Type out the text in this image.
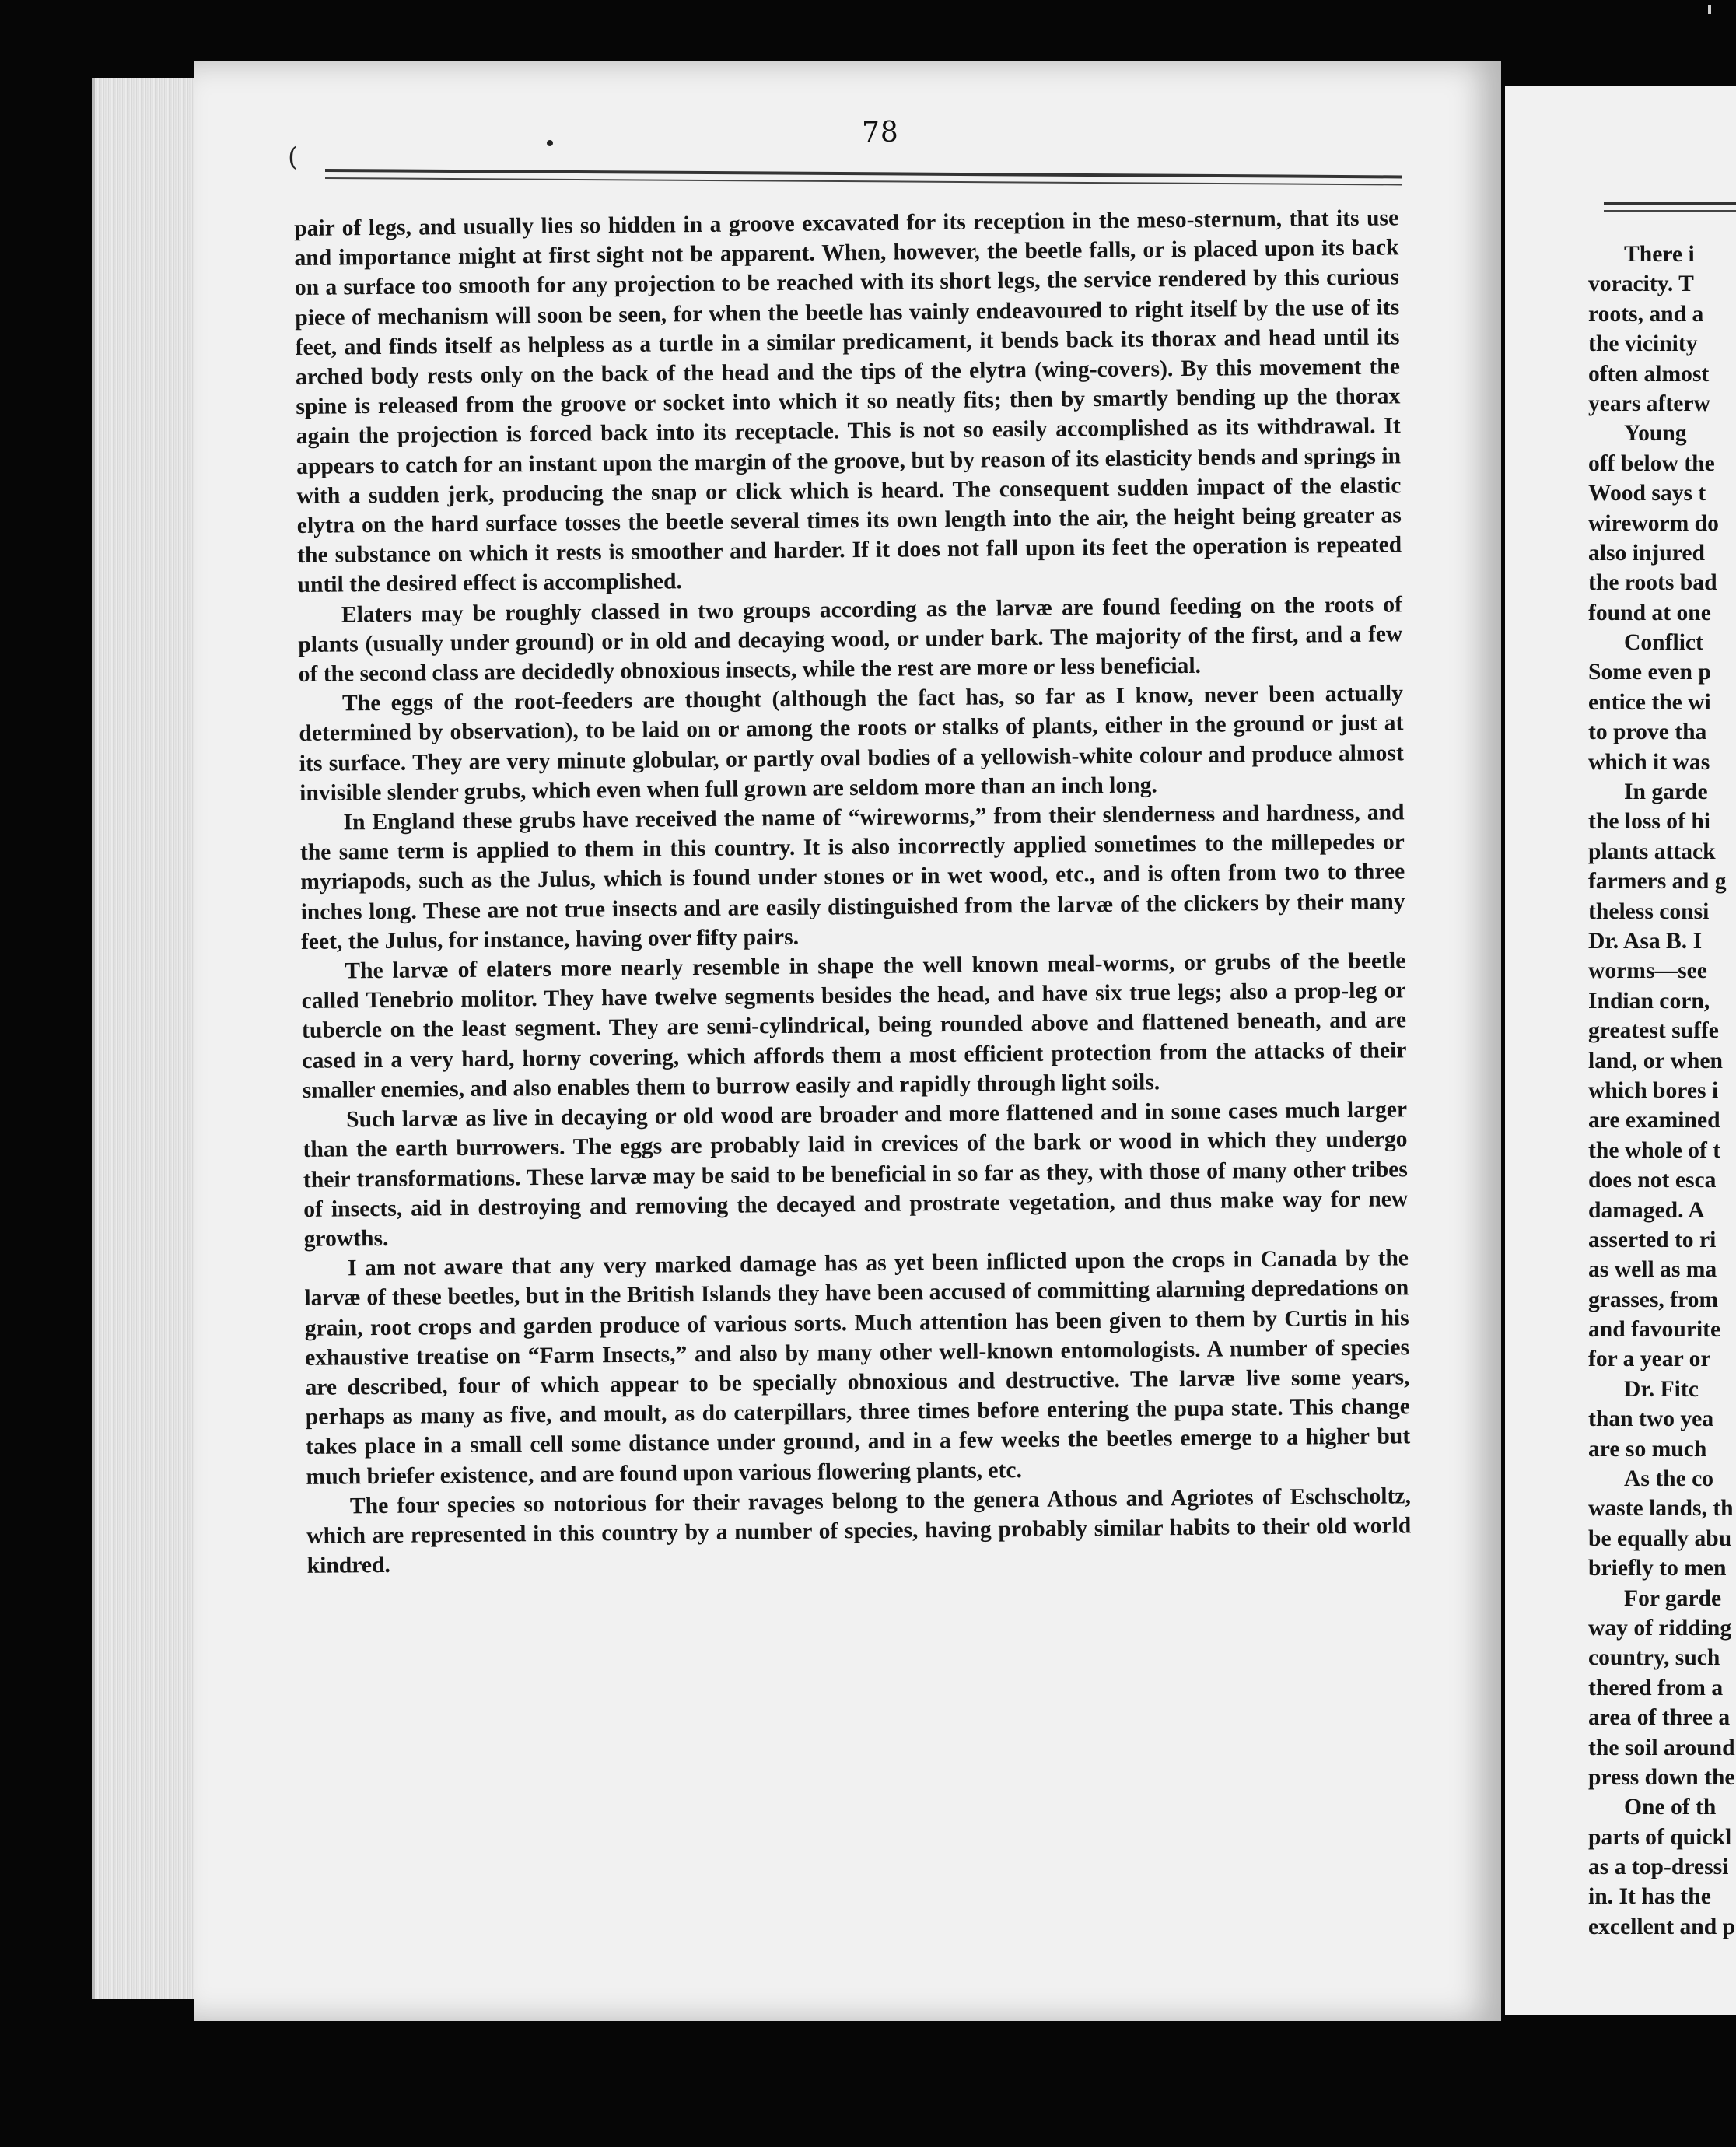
(
78

pair of legs, and usually lies so hidden in a groove excavated for its reception in the meso-sternum, that its use and importance might at first sight not be apparent. When, however, the beetle falls, or is placed upon its back on a surface too smooth for any projection to be reached with its short legs, the service rendered by this curious piece of mechanism will soon be seen, for when the beetle has vainly endeavoured to right itself by the use of its feet, and finds itself as helpless as a turtle in a similar predicament, it bends back its thorax and head until its arched body rests only on the back of the head and the tips of the elytra (wing-covers). By this movement the spine is released from the groove or socket into which it so neatly fits; then by smartly bending up the thorax again the projection is forced back into its receptacle. This is not so easily accomplished as its withdrawal. It appears to catch for an instant upon the margin of the groove, but by reason of its elasticity bends and springs in with a sudden jerk, producing the snap or click which is heard. The consequent sudden impact of the elastic elytra on the hard surface tosses the beetle several times its own length into the air, the height being greater as the substance on which it rests is smoother and harder. If it does not fall upon its feet the operation is repeated until the desired effect is accomplished.

Elaters may be roughly classed in two groups according as the larvæ are found feeding on the roots of plants (usually under ground) or in old and decaying wood, or under bark. The majority of the first, and a few of the second class are decidedly obnoxious insects, while the rest are more or less beneficial.

The eggs of the root-feeders are thought (although the fact has, so far as I know, never been actually determined by observation), to be laid on or among the roots or stalks of plants, either in the ground or just at its surface. They are very minute globular, or partly oval bodies of a yellowish-white colour and produce almost invisible slender grubs, which even when full grown are seldom more than an inch long.

In England these grubs have received the name of “wireworms,” from their slenderness and hardness, and the same term is applied to them in this country. It is also incorrectly applied sometimes to the millepedes or myriapods, such as the Julus, which is found under stones or in wet wood, etc., and is often from two to three inches long. These are not true insects and are easily distinguished from the larvæ of the clickers by their many feet, the Julus, for instance, having over fifty pairs.

The larvæ of elaters more nearly resemble in shape the well known meal-worms, or grubs of the beetle called Tenebrio molitor. They have twelve segments besides the head, and have six true legs; also a prop-leg or tubercle on the least segment. They are semi-cylindrical, being rounded above and flattened beneath, and are cased in a very hard, horny covering, which affords them a most efficient protection from the attacks of their smaller enemies, and also enables them to burrow easily and rapidly through light soils.

Such larvæ as live in decaying or old wood are broader and more flattened and in some cases much larger than the earth burrowers. The eggs are probably laid in crevices of the bark or wood in which they undergo their transformations. These larvæ may be said to be beneficial in so far as they, with those of many other tribes of insects, aid in destroying and removing the decayed and prostrate vegetation, and thus make way for new growths.

I am not aware that any very marked damage has as yet been inflicted upon the crops in Canada by the larvæ of these beetles, but in the British Islands they have been accused of committing alarming depredations on grain, root crops and garden produce of various sorts. Much attention has been given to them by Curtis in his exhaustive treatise on “Farm Insects,” and also by many other well-known entomologists. A number of species are described, four of which appear to be specially obnoxious and destructive. The larvæ live some years, perhaps as many as five, and moult, as do caterpillars, three times before entering the pupa state. This change takes place in a small cell some distance under ground, and in a few weeks the beetles emerge to a higher but much briefer existence, and are found upon various flowering plants, etc.

The four species so notorious for their ravages belong to the genera Athous and Agriotes of Eschscholtz, which are represented in this country by a number of species, having probably similar habits to their old world kindred.

There i
voracity. T
roots, and a
the vicinity
often almost
years afterw
Young
off below the
Wood says t
wireworm do
also injured
the roots bad
found at one
Conflict
Some even p
entice the wi
to prove tha
which it was
In garde
the loss of hi
plants attack
farmers and g
theless consi
Dr. Asa B. I
worms—see
Indian corn,
greatest suffe
land, or when
which bores i
are examined
the whole of t
does not esca
damaged. A
asserted to ri
as well as ma
grasses, from
and favourite
for a year or
Dr. Fitc
than two yea
are so much
As the co
waste lands, th
be equally abu
briefly to men
For garde
way of ridding
country, such
thered from a
area of three a
the soil around
press down the
One of th
parts of quickl
as a top-dressi
in. It has the
excellent and p
